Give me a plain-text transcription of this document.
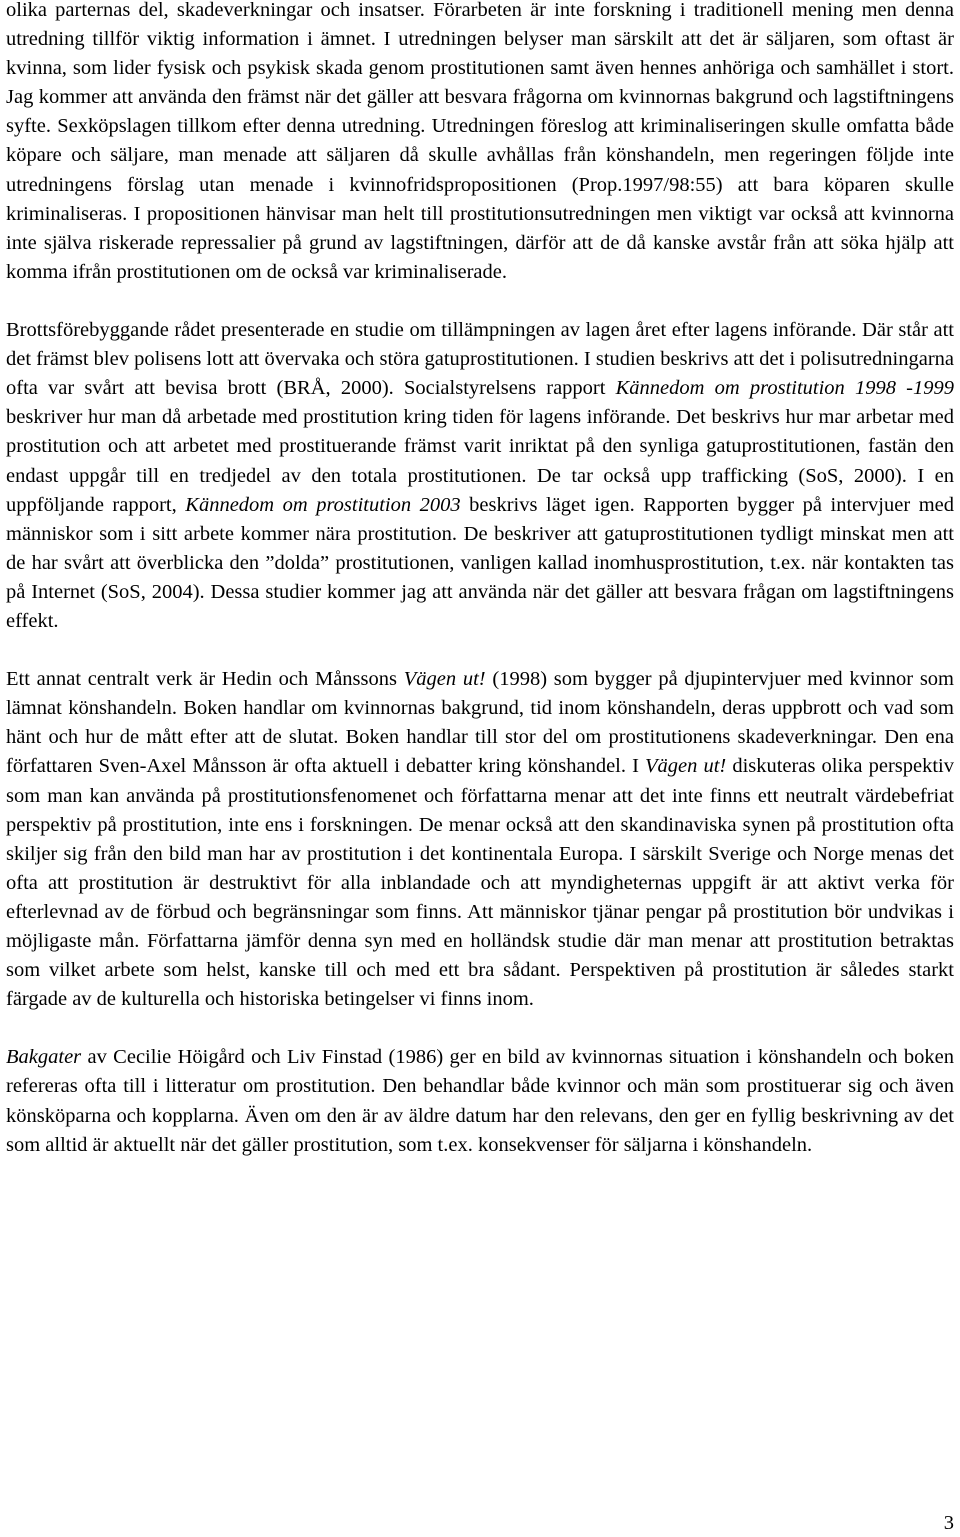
olika parternas del, skadeverkningar och insatser. Förarbeten är inte forskning i traditionell mening men denna utredning tillför viktig information i ämnet. I utredningen belyser man särskilt att det är säljaren, som oftast är kvinna, som lider fysisk och psykisk skada genom prostitutionen samt även hennes anhöriga och samhället i stort. Jag kommer att använda den främst när det gäller att besvara frågorna om kvinnornas bakgrund och lagstiftningens syfte. Sexköpslagen tillkom efter denna utredning. Utredningen föreslog att kriminaliseringen skulle omfatta både köpare och säljare, man menade att säljaren då skulle avhållas från könshandeln, men regeringen följde inte utredningens förslag utan menade i kvinnofridspropositionen (Prop.1997/98:55) att bara köparen skulle kriminaliseras. I propositionen hänvisar man helt till prostitutionsutredningen men viktigt var också att kvinnorna inte själva riskerade repressalier på grund av lagstiftningen, därför att de då kanske avstår från att söka hjälp att komma ifrån prostitutionen om de också var kriminaliserade.

Brottsförebyggande rådet presenterade en studie om tillämpningen av lagen året efter lagens införande. Där står att det främst blev polisens lott att övervaka och störa gatuprostitutionen. I studien beskrivs att det i polisutredningarna ofta var svårt att bevisa brott (BRÅ, 2000). Socialstyrelsens rapport Kännedom om prostitution 1998 -1999 beskriver hur man då arbetade med prostitution kring tiden för lagens införande. Det beskrivs hur mar arbetar med prostitution och att arbetet med prostituerande främst varit inriktat på den synliga gatuprostitutionen, fastän den endast uppgår till en tredjedel av den totala prostitutionen. De tar också upp trafficking (SoS, 2000). I en uppföljande rapport, Kännedom om prostitution 2003 beskrivs läget igen. Rapporten bygger på intervjuer med människor som i sitt arbete kommer nära prostitution. De beskriver att gatuprostitutionen tydligt minskat men att de har svårt att överblicka den ”dolda” prostitutionen, vanligen kallad inomhusprostitution, t.ex. när kontakten tas på Internet (SoS, 2004). Dessa studier kommer jag att använda när det gäller att besvara frågan om lagstiftningens effekt.

Ett annat centralt verk är Hedin och Månssons Vägen ut! (1998) som bygger på djupintervjuer med kvinnor som lämnat könshandeln. Boken handlar om kvinnornas bakgrund, tid inom könshandeln, deras uppbrott och vad som hänt och hur de mått efter att de slutat. Boken handlar till stor del om prostitutionens skadeverkningar. Den ena författaren Sven-Axel Månsson är ofta aktuell i debatter kring könshandel. I Vägen ut! diskuteras olika perspektiv som man kan använda på prostitutionsfenomenet och författarna menar att det inte finns ett neutralt värdebefriat perspektiv på prostitution, inte ens i forskningen. De menar också att den skandinaviska synen på prostitution ofta skiljer sig från den bild man har av prostitution i det kontinentala Europa. I särskilt Sverige och Norge menas det ofta att prostitution är destruktivt för alla inblandade och att myndigheternas uppgift är att aktivt verka för efterlevnad av de förbud och begränsningar som finns. Att människor tjänar pengar på prostitution bör undvikas i möjligaste mån. Författarna jämför denna syn med en holländsk studie där man menar att prostitution betraktas som vilket arbete som helst, kanske till och med ett bra sådant. Perspektiven på prostitution är således starkt färgade av de kulturella och historiska betingelser vi finns inom.

Bakgater av Cecilie Höigård och Liv Finstad (1986) ger en bild av kvinnornas situation i könshandeln och boken refereras ofta till i litteratur om prostitution. Den behandlar både kvinnor och män som prostituerar sig och även könsköparna och kopplarna. Även om den är av äldre datum har den relevans, den ger en fyllig beskrivning av det som alltid är aktuellt när det gäller prostitution, som t.ex. konsekvenser för säljarna i könshandeln.

3
